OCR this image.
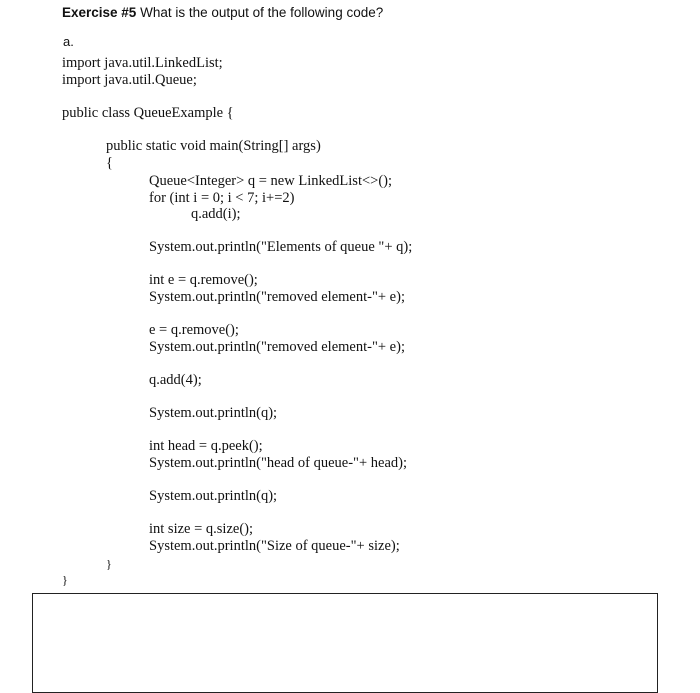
Exercise #5 What is the output of the following code?
a.
import java.util.LinkedList;
import java.util.Queue;
public class QueueExample {
public static void main(String[] args)
{
Queue<Integer> q = new LinkedList<>();
for (int i = 0; i < 7; i+=2)
q.add(i);
System.out.println("Elements of queue "+ q);
int e = q.remove();
System.out.println("removed element-"+ e);
e = q.remove();
System.out.println("removed element-"+ e);
q.add(4);
System.out.println(q);
int head = q.peek();
System.out.println("head of queue-"+ head);
System.out.println(q);
int size = q.size();
System.out.println("Size of queue-"+ size);
}
}
